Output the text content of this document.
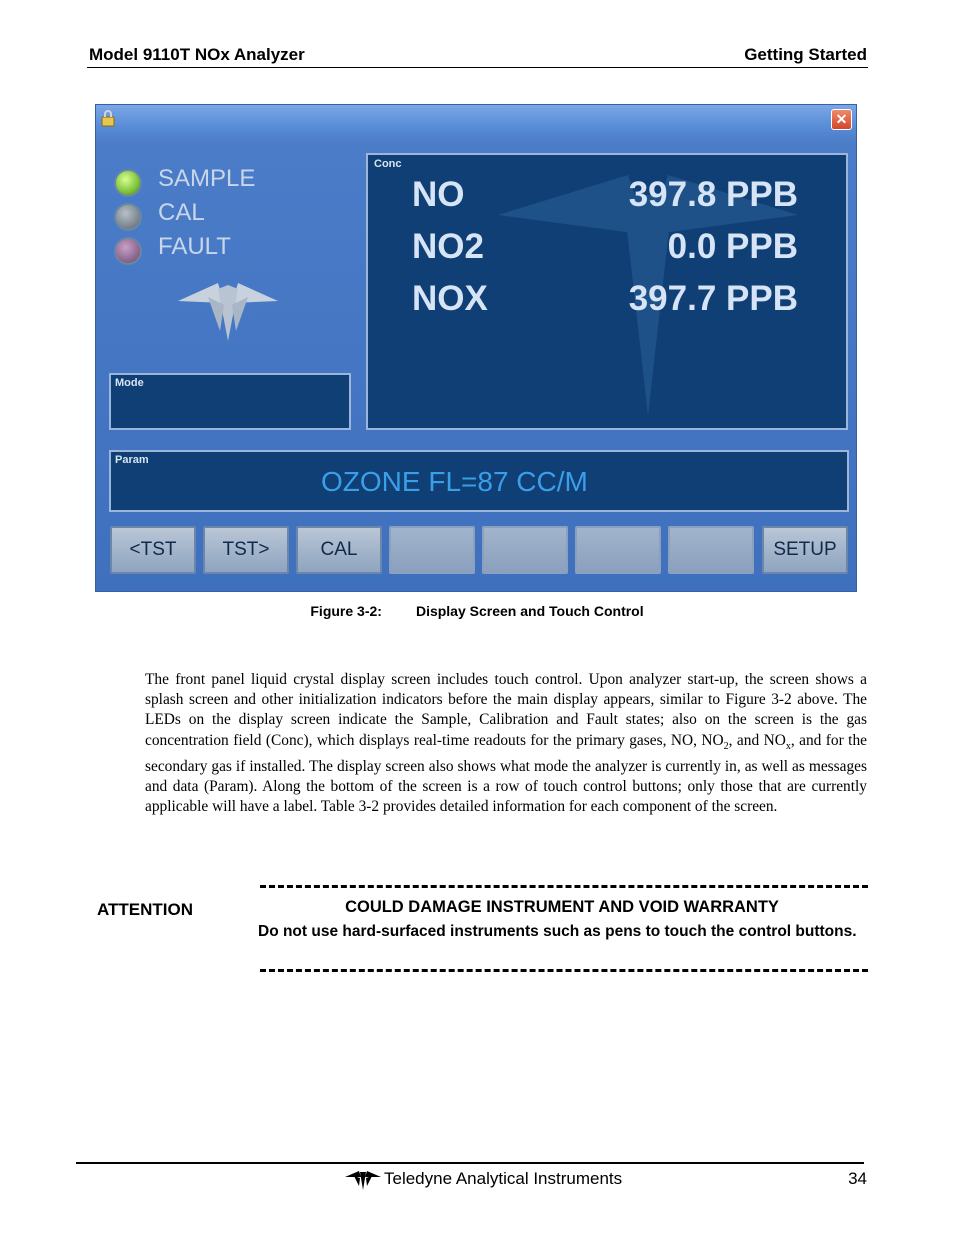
Model 9110T NOx Analyzer	Getting Started
✕
SAMPLE
CAL
FAULT
Conc
NO	397.8 PPB
NO2	0.0 PPB
NOX	397.7 PPB
Mode
Param
OZONE FL=87 CC/M
<TST	TST>	CAL	SETUP
Figure 3-2: Display Screen and Touch Control
The front panel liquid crystal display screen includes touch control. Upon analyzer start-up, the screen shows a splash screen and other initialization indicators before the main display appears, similar to Figure 3-2 above. The LEDs on the display screen indicate the Sample, Calibration and Fault states; also on the screen is the gas concentration field (Conc), which displays real-time readouts for the primary gases, NO, $NO_2$, and $NO_x$, and for the secondary gas if installed. The display screen also shows what mode the analyzer is currently in, as well as messages and data (Param). Along the bottom of the screen is a row of touch control buttons; only those that are currently applicable will have a label. Table 3-2 provides detailed information for each component of the screen.
ATTENTION	COULD DAMAGE INSTRUMENT AND VOID WARRANTY
Do not use hard-surfaced instruments such as pens to touch the control buttons.
Teledyne Analytical Instruments	34
